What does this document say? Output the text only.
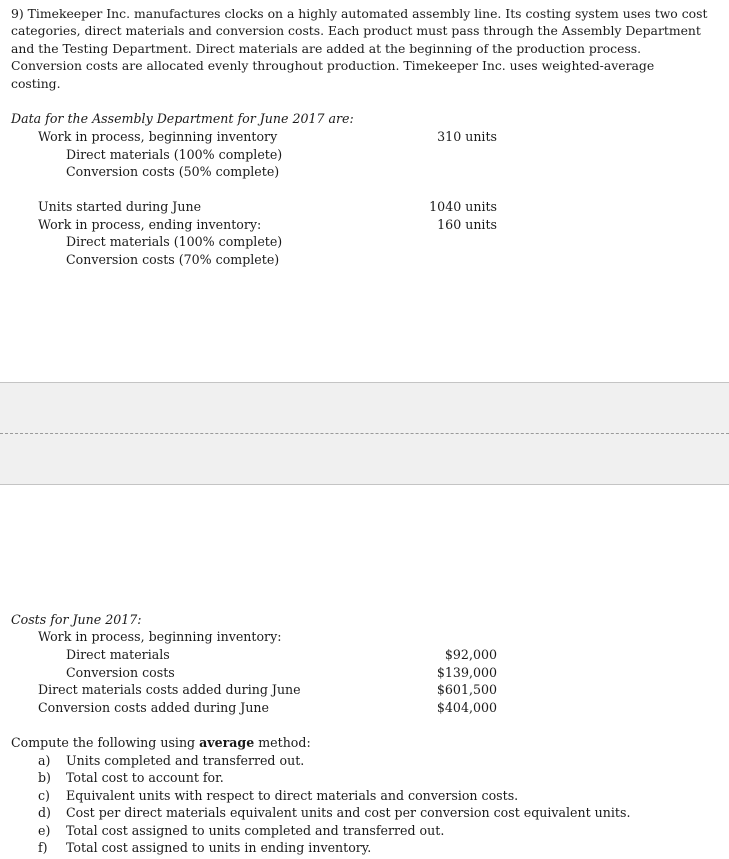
9) Timekeeper Inc. manufactures clocks on a highly automated assembly line. Its costing system uses two cost
categories, direct materials and conversion costs. Each product must pass through the Assembly Department
and the Testing Department. Direct materials are added at the beginning of the production process.
Conversion costs are allocated evenly throughout production. Timekeeper Inc. uses weighted-average
costing.
Data for the Assembly Department for June 2017 are:
Work in process, beginning inventory	310 units
Direct materials (100% complete)
Conversion costs (50% complete)
Units started during June	1040 units
Work in process, ending inventory:	160 units
Direct materials (100% complete)
Conversion costs (70% complete)
Costs for June 2017:
Work in process, beginning inventory:
Direct materials	$92,000
Conversion costs	$139,000
Direct materials costs added during June	$601,500
Conversion costs added during June	$404,000
Compute the following using average method:
a) Units completed and transferred out.
b) Total cost to account for.
c) Equivalent units with respect to direct materials and conversion costs.
d) Cost per direct materials equivalent units and cost per conversion cost equivalent units.
e) Total cost assigned to units completed and transferred out.
f) Total cost assigned to units in ending inventory.
